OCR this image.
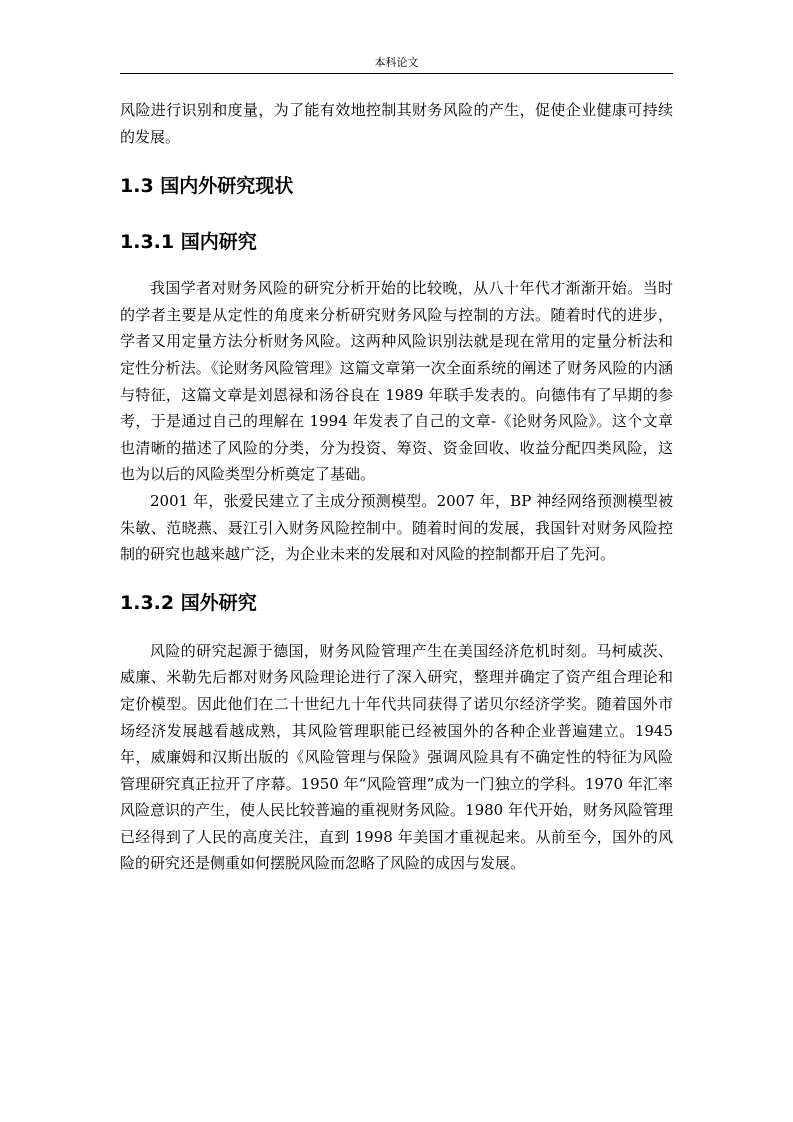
本科论文

风险进行识别和度量，为了能有效地控制其财务风险的产生，促使企业健康可持续的发展。

1.3 国内外研究现状
1.3.1 国内研究

我国学者对财务风险的研究分析开始的比较晚，从八十年代才渐渐开始。当时的学者主要是从定性的角度来分析研究财务风险与控制的方法。随着时代的进步，学者又用定量方法分析财务风险。这两种风险识别法就是现在常用的定量分析法和定性分析法。《论财务风险管理》这篇文章第一次全面系统的阐述了财务风险的内涵与特征，这篇文章是刘恩禄和汤谷良在 1989 年联手发表的。向德伟有了早期的参考，于是通过自己的理解在 1994 年发表了自己的文章-《论财务风险》。这个文章也清晰的描述了风险的分类，分为投资、筹资、资金回收、收益分配四类风险，这也为以后的风险类型分析奠定了基础。

2001 年，张爱民建立了主成分预测模型。2007 年，BP 神经网络预测模型被朱敏、范晓燕、聂江引入财务风险控制中。随着时间的发展，我国针对财务风险控制的研究也越来越广泛，为企业未来的发展和对风险的控制都开启了先河。

1.3.2 国外研究

风险的研究起源于德国，财务风险管理产生在美国经济危机时刻。马柯威茨、威廉、米勒先后都对财务风险理论进行了深入研究，整理并确定了资产组合理论和定价模型。因此他们在二十世纪九十年代共同获得了诺贝尔经济学奖。随着国外市场经济发展越看越成熟，其风险管理职能已经被国外的各种企业普遍建立。1945 年，威廉姆和汉斯出版的《风险管理与保险》强调风险具有不确定性的特征为风险管理研究真正拉开了序幕。1950 年“风险管理”成为一门独立的学科。1970 年汇率风险意识的产生，使人民比较普遍的重视财务风险。1980 年代开始，财务风险管理已经得到了人民的高度关注，直到 1998 年美国才重视起来。从前至今，国外的风险的研究还是侧重如何摆脱风险而忽略了风险的成因与发展。
